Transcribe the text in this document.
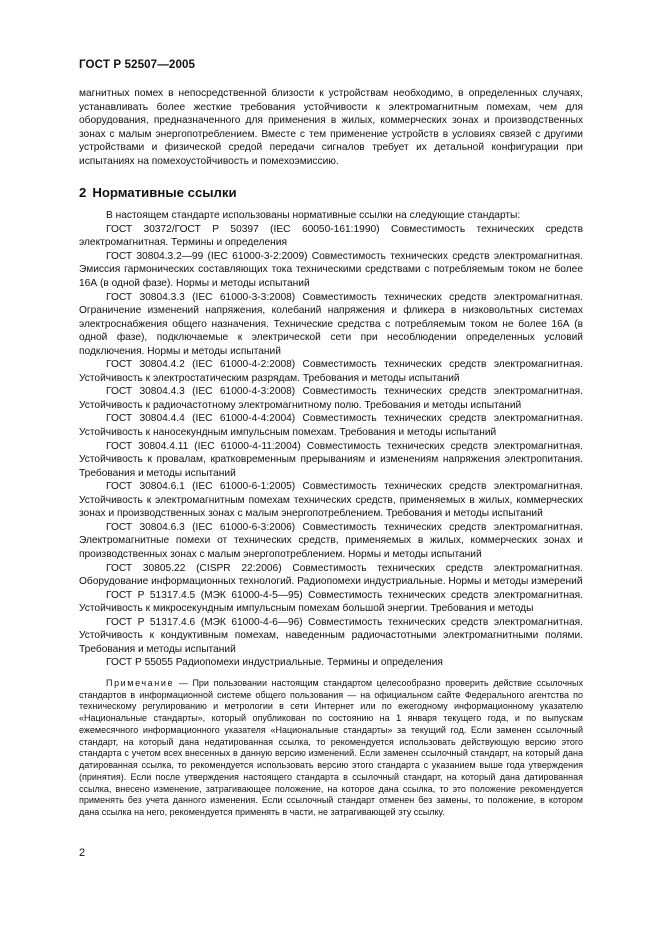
ГОСТ Р 52507—2005

магнитных помех в непосредственной близости к устройствам необходимо, в определенных случаях, устанавливать более жесткие требования устойчивости к электромагнитным помехам, чем для оборудования, предназначенного для применения в жилых, коммерческих зонах и производственных зонах с малым энергопотреблением. Вместе с тем применение устройств в условиях связей с другими устройствами и физической средой передачи сигналов требует их детальной конфигурации при испытаниях на помехоустойчивость и помехоэмиссию.

2 Нормативные ссылки

В настоящем стандарте использованы нормативные ссылки на следующие стандарты:

ГОСТ 30372/ГОСТ Р 50397 (IEC 60050-161:1990) Совместимость технических средств электромагнитная. Термины и определения

ГОСТ 30804.3.2—99 (IEC 61000-3-2:2009) Совместимость технических средств электромагнитная. Эмиссия гармонических составляющих тока техническими средствами с потребляемым током не более 16А (в одной фазе). Нормы и методы испытаний

ГОСТ 30804.3.3 (IEC 61000-3-3:2008) Совместимость технических средств электромагнитная. Ограничение изменений напряжения, колебаний напряжения и фликера в низковольтных системах электроснабжения общего назначения. Технические средства с потребляемым током не более 16А (в одной фазе), подключаемые к электрической сети при несоблюдении определенных условий подключения. Нормы и методы испытаний

ГОСТ 30804.4.2 (IEC 61000-4-2:2008) Совместимость технических средств электромагнитная. Устойчивость к электростатическим разрядам. Требования и методы испытаний

ГОСТ 30804.4.3 (IEC 61000-4-3:2008) Совместимость технических средств электромагнитная. Устойчивость к радиочастотному электромагнитному полю. Требования и методы испытаний

ГОСТ 30804.4.4 (IEC 61000-4-4:2004) Совместимость технических средств электромагнитная. Устойчивость к наносекундным импульсным помехам. Требования и методы испытаний

ГОСТ 30804.4.11 (IEC 61000-4-11:2004) Совместимость технических средств электромагнитная. Устойчивость к провалам, кратковременным прерываниям и изменениям напряжения электропитания. Требования и методы испытаний

ГОСТ 30804.6.1 (IEC 61000-6-1:2005) Совместимость технических средств электромагнитная. Устойчивость к электромагнитным помехам технических средств, применяемых в жилых, коммерческих зонах и производственных зонах с малым энергопотреблением. Требования и методы испытаний

ГОСТ 30804.6.3 (IEC 61000-6-3:2006) Совместимость технических средств электромагнитная. Электромагнитные помехи от технических средств, применяемых в жилых, коммерческих зонах и производственных зонах с малым энергопотреблением. Нормы и методы испытаний

ГОСТ 30805.22 (CISPR 22:2006) Совместимость технических средств электромагнитная. Оборудование информационных технологий. Радиопомехи индустриальные. Нормы и методы измерений

ГОСТ Р 51317.4.5 (МЭК 61000-4-5—95) Совместимость технических средств электромагнитная. Устойчивость к микросекундным импульсным помехам большой энергии. Требования и методы

ГОСТ Р 51317.4.6 (МЭК 61000-4-6—96) Совместимость технических средств электромагнитная. Устойчивость к кондуктивным помехам, наведенным радиочастотными электромагнитными полями. Требования и методы испытаний

ГОСТ Р 55055 Радиопомехи индустриальные. Термины и определения

Примечание — При пользовании настоящим стандартом целесообразно проверить действие ссылочных стандартов в информационной системе общего пользования — на официальном сайте Федерального агентства по техническому регулированию и метрологии в сети Интернет или по ежегодному информационному указателю «Национальные стандарты», который опубликован по состоянию на 1 января текущего года, и по выпускам ежемесячного информационного указателя «Национальные стандарты» за текущий год. Если заменен ссылочный стандарт, на который дана недатированная ссылка, то рекомендуется использовать действующую версию этого стандарта с учетом всех внесенных в данную версию изменений. Если заменен ссылочный стандарт, на который дана датированная ссылка, то рекомендуется использовать версию этого стандарта с указанием выше года утверждения (принятия). Если после утверждения настоящего стандарта в ссылочный стандарт, на который дана датированная ссылка, внесено изменение, затрагивающее положение, на которое дана ссылка, то это положение рекомендуется применять без учета данного изменения. Если ссылочный стандарт отменен без замены, то положение, в котором дана ссылка на него, рекомендуется применять в части, не затрагивающей эту ссылку.

2
